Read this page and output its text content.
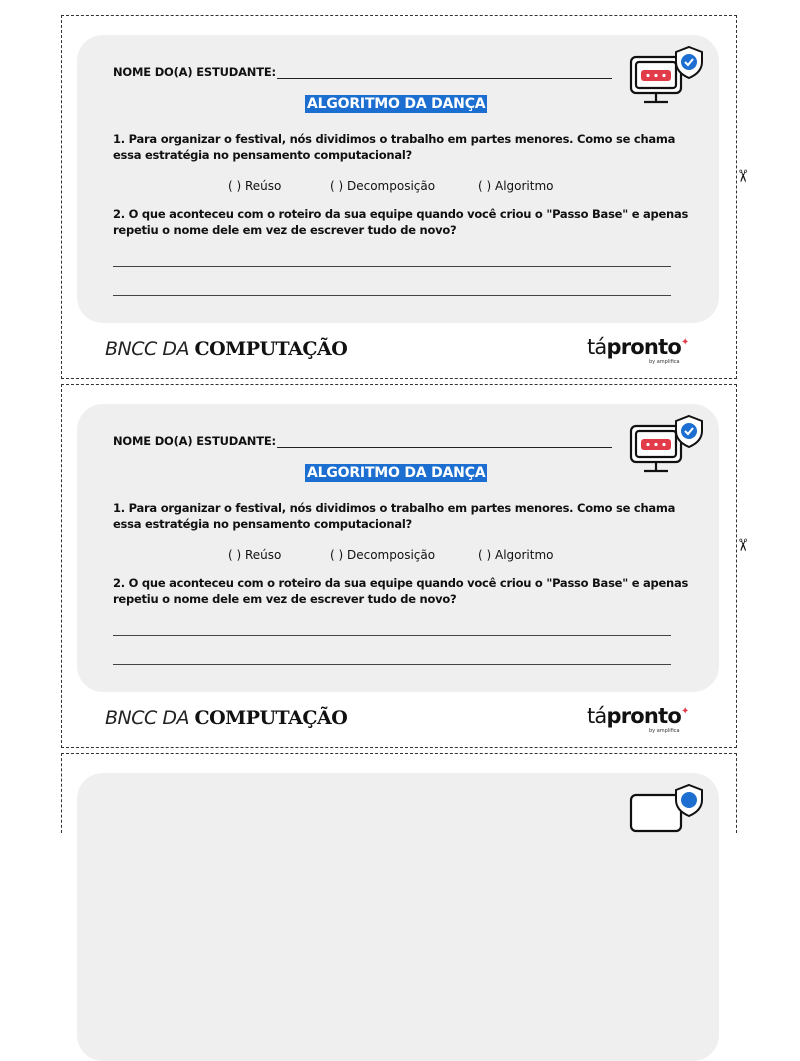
NOME DO(A) ESTUDANTE:
ALGORITMO DA DANÇA
1. Para organizar o festival, nós dividimos o trabalho em partes menores. Como se chama essa estratégia no pensamento computacional?
( ) Reúso	( ) Decomposição	( ) Algoritmo
2. O que aconteceu com o roteiro da sua equipe quando você criou o "Passo Base" e apenas repetiu o nome dele em vez de escrever tudo de novo?
BNCC DA COMPUTAÇÃO	tápronto✦
by amplifica
✂
NOME DO(A) ESTUDANTE:
ALGORITMO DA DANÇA
1. Para organizar o festival, nós dividimos o trabalho em partes menores. Como se chama essa estratégia no pensamento computacional?
( ) Reúso	( ) Decomposição	( ) Algoritmo
2. O que aconteceu com o roteiro da sua equipe quando você criou o "Passo Base" e apenas repetiu o nome dele em vez de escrever tudo de novo?
BNCC DA COMPUTAÇÃO	tápronto✦
by amplifica
✂
